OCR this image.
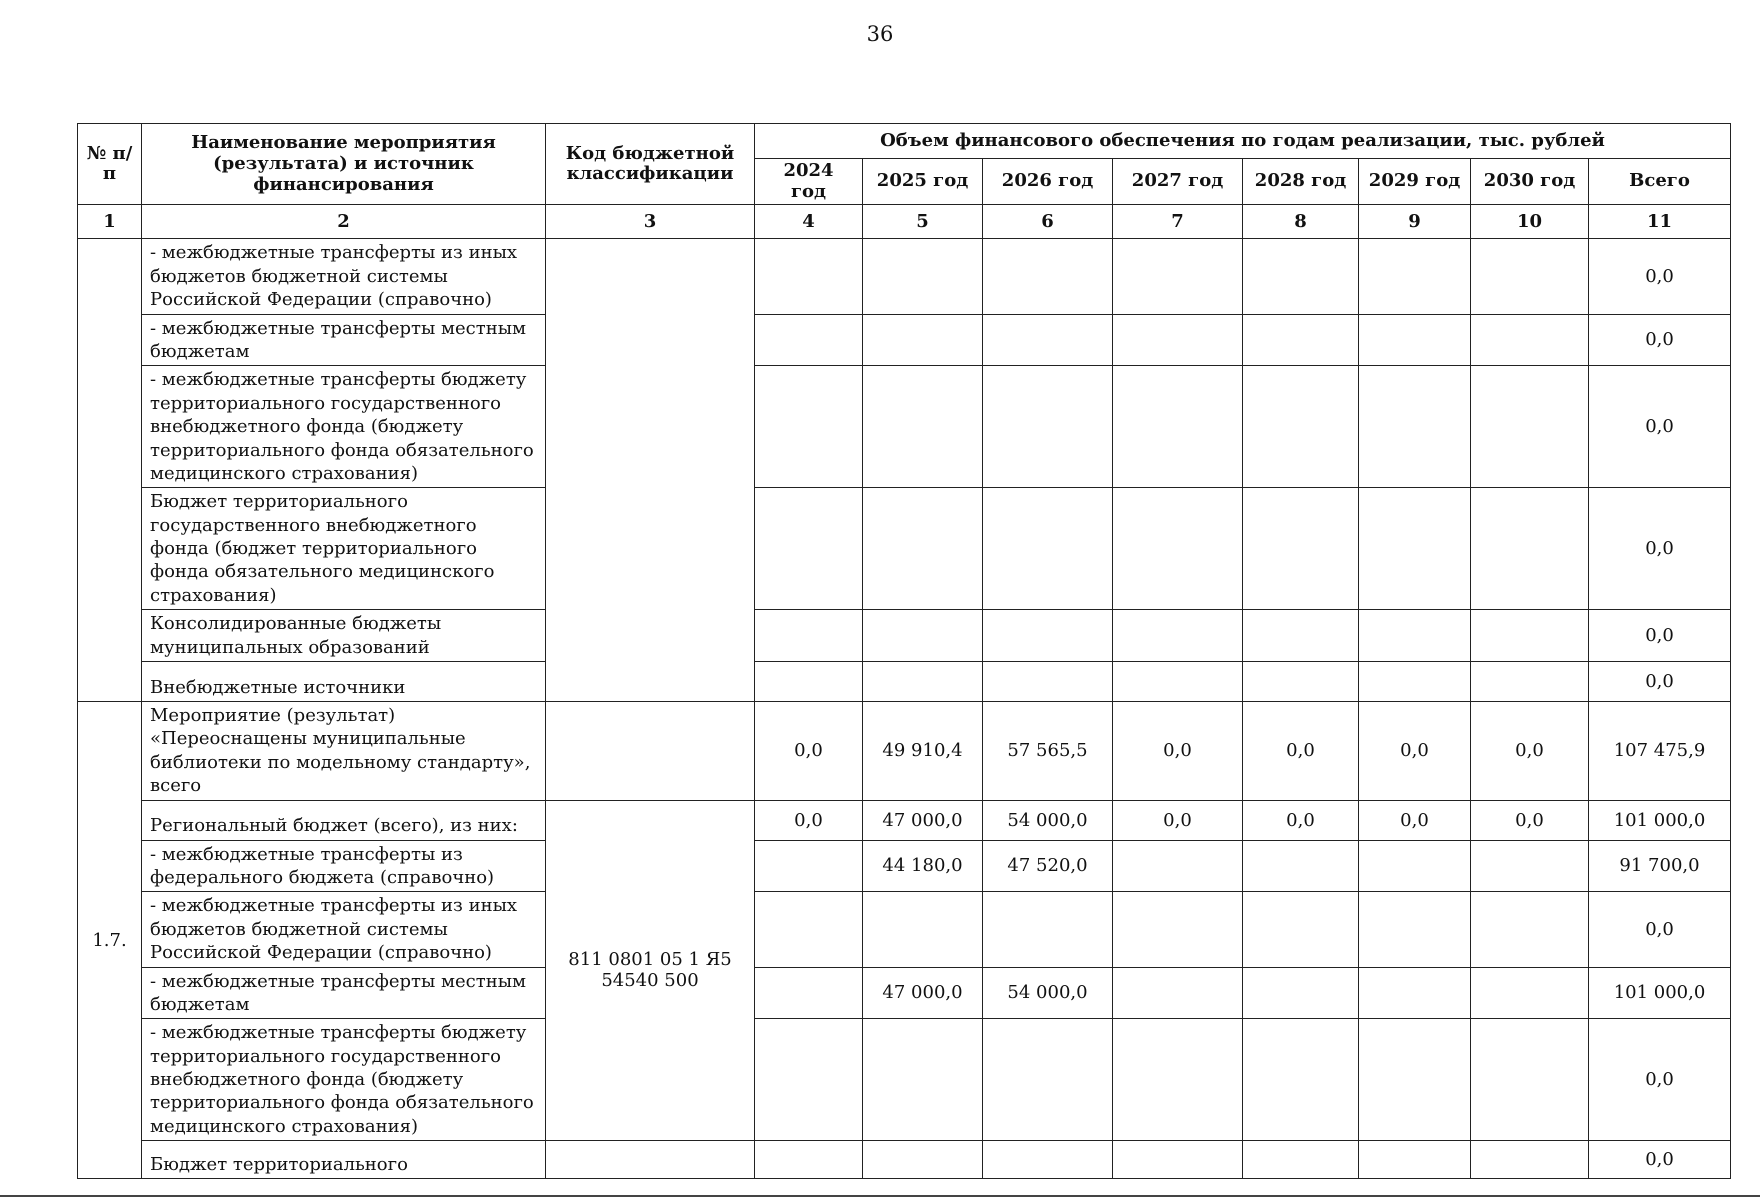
36
№ п/п	Наименование мероприятия (результата) и источник финансирования	Код бюджетной классификации	Объем финансового обеспечения по годам реализации, тыс. рублей							
			2024 год	2025 год	2026 год	2027 год	2028 год	2029 год	2030 год	Всего
1	2	3	4	5	6	7	8	9	10	11
	- межбюджетные трансферты из иных бюджетов бюджетной системы Российской Федерации (справочно)									0,0
	- межбюджетные трансферты местным бюджетам									0,0
	- межбюджетные трансферты бюджету территориального государственного внебюджетного фонда (бюджету территориального фонда обязательного медицинского страхования)									0,0
	Бюджет территориального государственного внебюджетного фонда (бюджет территориального фонда обязательного медицинского страхования)									0,0
	Консолидированные бюджеты муниципальных образований									0,0
	Внебюджетные источники									0,0
1.7.	Мероприятие (результат) «Переоснащены муниципальные библиотеки по модельному стандарту», всего		0,0	49 910,4	57 565,5	0,0	0,0	0,0	0,0	107 475,9
	Региональный бюджет (всего), из них:	811 0801 05 1 Я5 54540 500	0,0	47 000,0	54 000,0	0,0	0,0	0,0	0,0	101 000,0
	- межбюджетные трансферты из федерального бюджета (справочно)			44 180,0	47 520,0					91 700,0
	- межбюджетные трансферты из иных бюджетов бюджетной системы Российской Федерации (справочно)									0,0
	- межбюджетные трансферты местным бюджетам			47 000,0	54 000,0					101 000,0
	- межбюджетные трансферты бюджету территориального государственного внебюджетного фонда (бюджету территориального фонда обязательного медицинского страхования)									0,0
	Бюджет территориального									0,0
